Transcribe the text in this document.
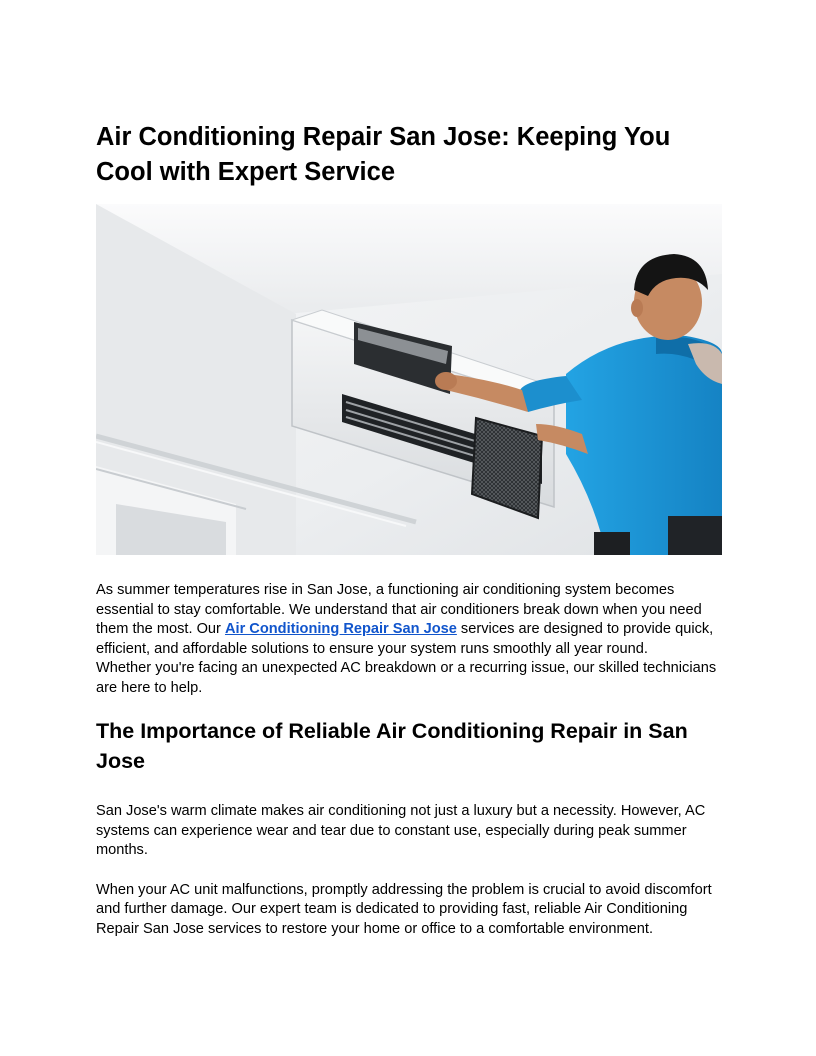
Air Conditioning Repair San Jose: Keeping You Cool with Expert Service

As summer temperatures rise in San Jose, a functioning air conditioning system becomes essential to stay comfortable. We understand that air conditioners break down when you need them the most. Our Air Conditioning Repair San Jose services are designed to provide quick, efficient, and affordable solutions to ensure your system runs smoothly all year round.
Whether you're facing an unexpected AC breakdown or a recurring issue, our skilled technicians are here to help.

The Importance of Reliable Air Conditioning Repair in San Jose

San Jose's warm climate makes air conditioning not just a luxury but a necessity. However, AC systems can experience wear and tear due to constant use, especially during peak summer months.

When your AC unit malfunctions, promptly addressing the problem is crucial to avoid discomfort and further damage. Our expert team is dedicated to providing fast, reliable Air Conditioning Repair San Jose services to restore your home or office to a comfortable environment.
